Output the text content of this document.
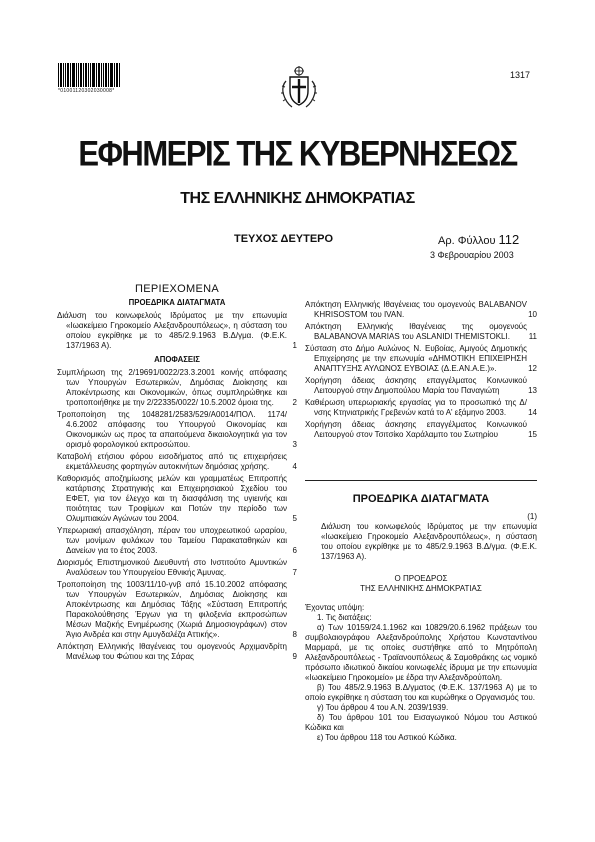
*01001120302030008*
1317
ΕΦΗΜΕΡΙΣ ΤΗΣ ΚΥΒΕΡΝΗΣΕΩΣ
ΤΗΣ ΕΛΛΗΝΙΚΗΣ ΔΗΜΟΚΡΑΤΙΑΣ
ΤΕΥΧΟΣ ΔΕΥΤΕΡΟ	Αρ. Φύλλου 112
3 Φεβρουαρίου 2003
ΠΕΡΙΕΧΟΜΕΝΑ
ΠΡΟΕΔΡΙΚΑ ΔΙΑΤΑΓΜΑΤΑ
Διάλυση του κοινωφελούς Ιδρύματος με την επωνυμία «Ιωακείμειο Γηροκομείο Αλεξανδρουπόλεως», η σύσταση του οποίου εγκρίθηκε με το 485/2.9.1963 Β.Δ/γμα. (Φ.Ε.Κ. 137/1963 Α).	1
ΑΠΟΦΑΣΕΙΣ
Συμπλήρωση της 2/19691/0022/23.3.2001 κοινής απόφασης των Υπουργών Εσωτερικών, Δημόσιας Διοίκησης και Αποκέντρωσης και Οικονομικών, όπως συμπληρώθηκε και τροποποιήθηκε με την 2/22335/0022/ 10.5.2002 όμοια της.	2
Τροποποίηση της 1048281/2583/529/Α0014/ΠΟΛ. 1174/ 4.6.2002 απόφασης του Υπουργού Οικονομίας και Οικονομικών ως προς τα απαιτούμενα δικαιολογητικά για τον ορισμό φορολογικού εκπροσώπου.	3
Καταβολή ετήσιου φόρου εισοδήματος από τις επιχειρήσεις εκμετάλλευσης φορτηγών αυτοκινήτων δημόσιας χρήσης.	4
Καθορισμός αποζημίωσης μελών και γραμματέως Επιτροπής κατάρτισης Στρατηγικής και Επιχειρησιακού Σχεδίου του ΕΦΕΤ, για τον έλεγχο και τη διασφάλιση της υγιεινής και ποιότητας των Τροφίμων και Ποτών την περίοδο των Ολυμπιακών Αγώνων του 2004.	5
Υπερωριακή απασχόληση, πέραν του υποχρεωτικού ωραρίου, των μονίμων φυλάκων του Ταμείου Παρακαταθηκών και Δανείων για το έτος 2003.	6
Διορισμός Επιστημονικού Διευθυντή στο Ινστιτούτο Αμυντικών Αναλύσεων του Υπουργείου Εθνικής Άμυνας.	7
Τροποποίηση της 1003/11/10-γνβ από 15.10.2002 απόφασης των Υπουργών Εσωτερικών, Δημόσιας Διοίκησης και Αποκέντρωσης και Δημόσιας Τάξης «Σύσταση Επιτροπής Παρακολούθησης Έργων για τη φιλοξενία εκπροσώπων Μέσων Μαζικής Ενημέρωσης (Χωριά Δημοσιογράφων) στον Άγιο Ανδρέα και στην Αμυγδαλέζα Αττικής».	8
Απόκτηση Ελληνικής Ιθαγένειας του ομογενούς Αρχιμανδρίτη Μανέλωφ του Φώτιου και της Σάρας	9
Απόκτηση Ελληνικής Ιθαγένειας του ομογενούς BALABANOV KHRISOSTOM του IVAN.	10
Απόκτηση Ελληνικής Ιθαγένειας της ομογενούς BALABANOVA MARIAS του ASLANIDI THEMISTOKLI.	11
Σύσταση στο Δήμο Αυλώνος Ν. Ευβοίας, Αμιγούς Δημοτικής Επιχείρησης με την επωνυμία «ΔΗΜΟΤΙΚΗ ΕΠΙΧΕΙΡΗΣΗ ΑΝΑΠΤΥΞΗΣ ΑΥΛΩΝΟΣ ΕΥΒΟΙΑΣ (Δ.Ε.ΑΝ.Α.Ε.)».	12
Χορήγηση άδειας άσκησης επαγγέλματος Κοινωνικού Λειτουργού στην Δημοπούλου Μαρία του Παναγιώτη	13
Καθιέρωση υπερωριακής εργασίας για το προσωπικό της Δ/νσης Κτηνιατρικής Γρεβενών κατά το Α' εξάμηνο 2003.	14
Χορήγηση άδειας άσκησης επαγγέλματος Κοινωνικού Λειτουργού στον Τσιτσίκο Χαράλαμπο του Σωτηρίου	15
ΠΡΟΕΔΡΙΚΑ ΔΙΑΤΑΓΜΑΤΑ
(1)
Διάλυση του κοινωφελούς Ιδρύματος με την επωνυμία «Ιωακείμειο Γηροκομείο Αλεξανδρουπόλεως», η σύσταση του οποίου εγκρίθηκε με το 485/2.9.1963 Β.Δ/γμα. (Φ.Ε.Κ. 137/1963 Α).
Ο ΠΡΟΕΔΡΟΣ
ΤΗΣ ΕΛΛΗΝΙΚΗΣ ΔΗΜΟΚΡΑΤΙΑΣ

Έχοντας υπόψη:

1. Τις διατάξεις:

α) Των 10159/24.1.1962 και 10829/20.6.1962 πράξεων του συμβολαιογράφου Αλεξανδρούπολης Χρήστου Κωνσταντίνου Μαρμαρά, με τις οποίες συστήθηκε από το Μητρόπολη Αλεξανδρουπόλεως - Τραϊανουπόλεως & Σαμοθράκης ως νομικό πρόσωπο ιδιωτικού δικαίου κοινωφελές ίδρυμα με την επωνυμία «Ιωακείμειο Γηροκομείο» με έδρα την Αλεξανδρούπολη.

β) Του 485/2.9.1963 Β.Δ/γματος (Φ.Ε.Κ. 137/1963 Α) με το οποίο εγκρίθηκε η σύσταση του και κυρώθηκε ο Οργανισμός του.

γ) Του άρθρου 4 του Α.Ν. 2039/1939.

δ) Του άρθρου 101 του Εισαγωγικού Νόμου του Αστικού Κώδικα και

ε) Του άρθρου 118 του Αστικού Κώδικα.
